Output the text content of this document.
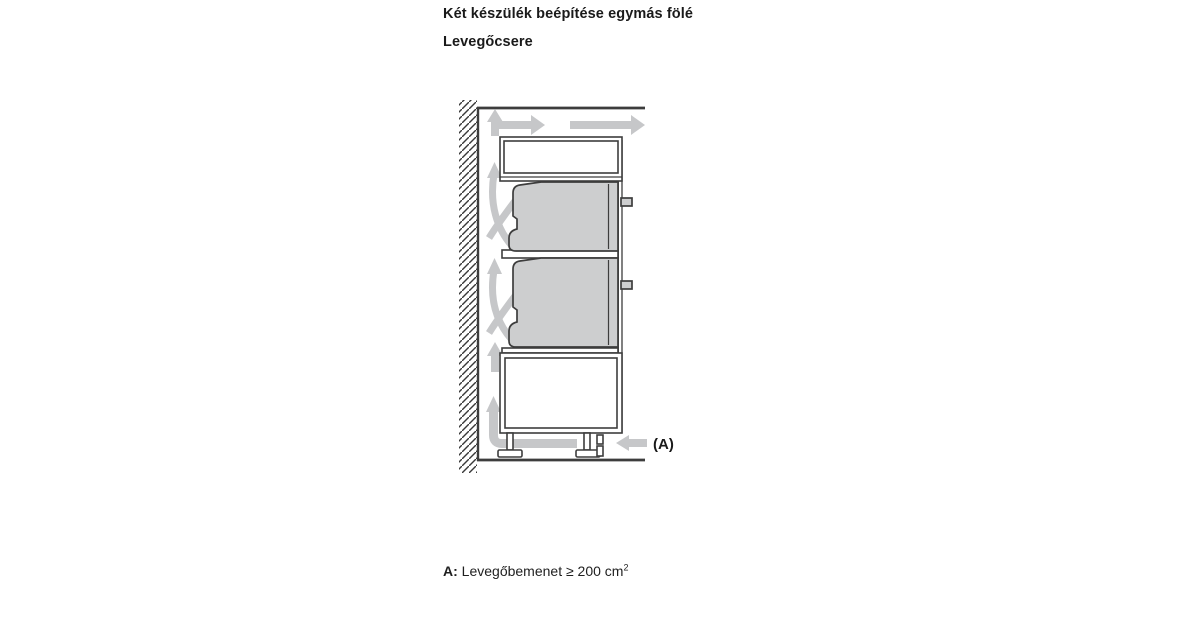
Két készülék beépítése egymás fölé
Levegőcsere
(A)
A: Levegőbemenet ≥ 200 $cm^2$
